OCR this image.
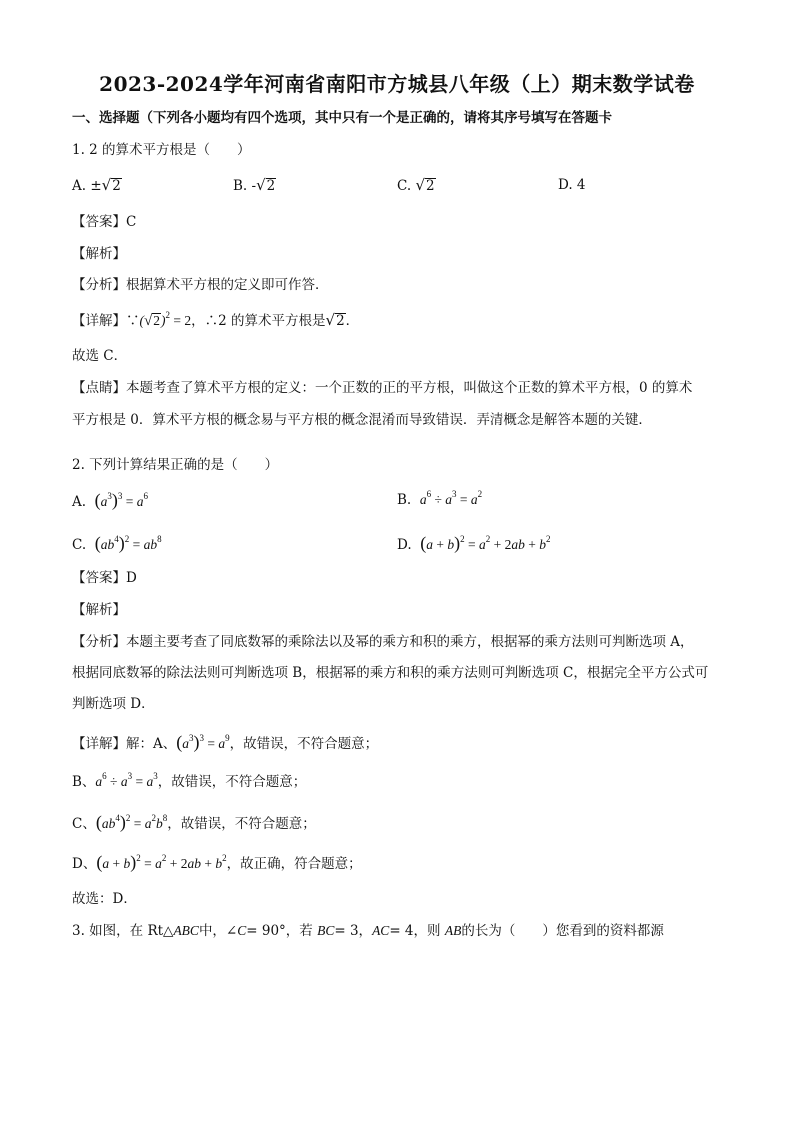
2023-2024学年河南省南阳市方城县八年级（上）期末数学试卷
一、选择题（下列各小题均有四个选项，其中只有一个是正确的，请将其序号填写在答题卡
1. 2 的算术平方根是（　　）
A. ±√2	B. -√2	C. √2	D. 4
【答案】C
【解析】
【分析】根据算术平方根的定义即可作答．
【详解】$\because(√2)^2 = 2$，∴2 的算术平方根是√2．
故选 C．
【点睛】本题考查了算术平方根的定义：一个正数的正的平方根，叫做这个正数的算术平方根，0 的算术
平方根是 0．算术平方根的概念易与平方根的概念混淆而导致错误．弄清概念是解答本题的关键．
2. 下列计算结果正确的是（　　）
A. $(a^3)^3 = a^6$	B. $a^6 \div a^3 = a^2$
C. $(ab^4)^2 = ab^8$	D. $(a + b)^2 = a^2 + 2ab + b^2$
【答案】D
【解析】
【分析】本题主要考查了同底数幂的乘除法以及幂的乘方和积的乘方，根据幂的乘方法则可判断选项 A，
根据同底数幂的除法法则可判断选项 B，根据幂的乘方和积的乘方法则可判断选项 C，根据完全平方公式可
判断选项 D．
【详解】解：A、$(a^3)^3 = a^9$，故错误，不符合题意；
B、$a^6 \div a^3 = a^3$，故错误，不符合题意；
C、$(ab^4)^2 = a^2b^8$，故错误，不符合题意；
D、$(a + b)^2 = a^2 + 2ab + b^2$，故正确，符合题意；
故选：D．
3. 如图，在 Rt△ABC中，∠C= 90°，若 BC= 3，AC= 4，则 AB的长为（　　）您看到的资料都源
